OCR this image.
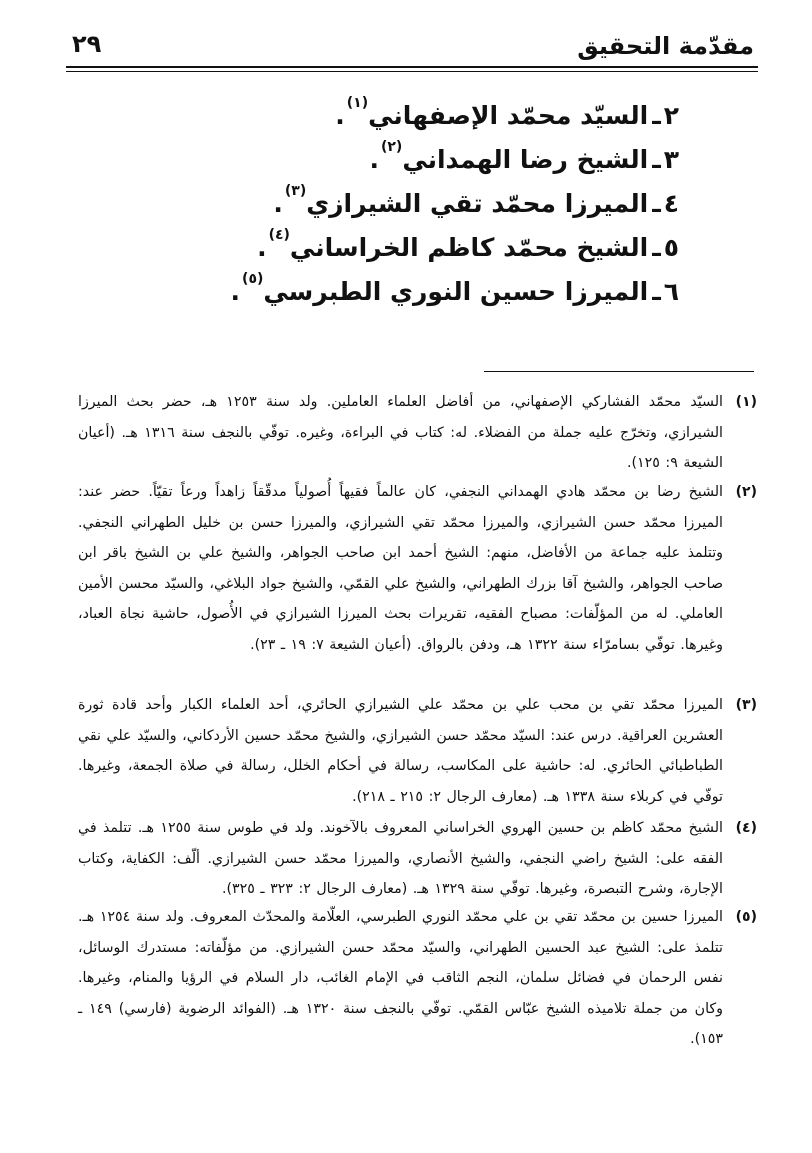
مقدّمة التحقيق
٢٩
٢ـالسيّد محمّد الإصفهاني$^{(١)}$.
٣ـالشيخ رضا الهمداني$^{(٢)}$.
٤ـالميرزا محمّد تقي الشيرازي$^{(٣)}$.
٥ـالشيخ محمّد كاظم الخراساني$^{(٤)}$.
٦ـالميرزا حسين النوري الطبرسي$^{(٥)}$.

(١)
السيّد محمّد الفشاركي الإصفهاني، من أفاضل العلماء العاملين. ولد سنة ١٢٥٣ هـ، حضر بحث الميرزا الشيرازي، وتخرّج عليه جملة من الفضلاء. له: كتاب في البراءة، وغيره. توفّي بالنجف سنة ١٣١٦ هـ. (أعيان الشيعة ٩: ١٢٥).

(٢)
الشيخ رضا بن محمّد هادي الهمداني النجفي، كان عالماً فقيهاً أُصولياً مدقّقاً زاهداً ورعاً تقيّاً. حضر عند: الميرزا محمّد حسن الشيرازي، والميرزا محمّد تقي الشيرازي، والميرزا حسن بن خليل الطهراني النجفي. وتتلمذ عليه جماعة من الأفاضل، منهم: الشيخ أحمد ابن صاحب الجواهر، والشيخ علي بن الشيخ باقر ابن صاحب الجواهر، والشيخ آقا بزرك الطهراني، والشيخ علي القمّي، والشيخ جواد البلاغي، والسيّد محسن الأمين العاملي. له من المؤلّفات: مصباح الفقيه، تقريرات بحث الميرزا الشيرازي في الأُصول، حاشية نجاة العباد، وغيرها. توفّي بسامرّاء سنة ١٣٢٢ هـ، ودفن بالرواق. (أعيان الشيعة ٧: ١٩ ـ ٢٣).

(٣)
الميرزا محمّد تقي بن محب علي بن محمّد علي الشيرازي الحائري، أحد العلماء الكبار وأحد قادة ثورة العشرين العراقية. درس عند: السيّد محمّد حسن الشيرازي، والشيخ محمّد حسين الأردكاني، والسيّد علي نقي الطباطبائي الحائري. له: حاشية على المكاسب، رسالة في أحكام الخلل، رسالة في صلاة الجمعة، وغيرها. توفّي في كربلاء سنة ١٣٣٨ هـ. (معارف الرجال ٢: ٢١٥ ـ ٢١٨).

(٤)
الشيخ محمّد كاظم بن حسين الهروي الخراساني المعروف بالآخوند. ولد في طوس سنة ١٢٥٥ هـ. تتلمذ في الفقه على: الشيخ راضي النجفي، والشيخ الأنصاري، والميرزا محمّد حسن الشيرازي. ألّف: الكفاية، وكتاب الإجارة، وشرح التبصرة، وغيرها. توفّي سنة ١٣٢٩ هـ. (معارف الرجال ٢: ٣٢٣ ـ ٣٢٥).

(٥)
الميرزا حسين بن محمّد تقي بن علي محمّد النوري الطبرسي، العلّامة والمحدّث المعروف. ولد سنة ١٢٥٤ هـ. تتلمذ على: الشيخ عبد الحسين الطهراني، والسيّد محمّد حسن الشيرازي. من مؤلّفاته: مستدرك الوسائل، نفس الرحمان في فضائل سلمان، النجم الثاقب في الإمام الغائب، دار السلام في الرؤيا والمنام، وغيرها. وكان من جملة تلاميذه الشيخ عبّاس القمّي. توفّي بالنجف سنة ١٣٢٠ هـ. (الفوائد الرضوية (فارسي) ١٤٩ ـ ١٥٣).
